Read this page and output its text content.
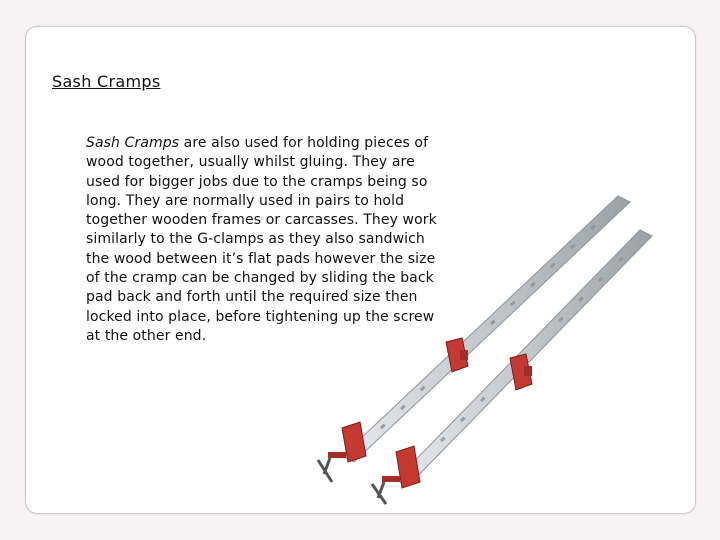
Sash Cramps
Sash Cramps are also used for holding pieces of wood together, usually whilst gluing. They are used for bigger jobs due to the cramps being so long. They are normally used in pairs to hold together wooden frames or carcasses. They work similarly to the G-clamps as they also sandwich the wood between it’s flat pads however the size of the cramp can be changed by sliding the back pad back and forth until the required size then locked into place, before tightening up the screw at the other end.
